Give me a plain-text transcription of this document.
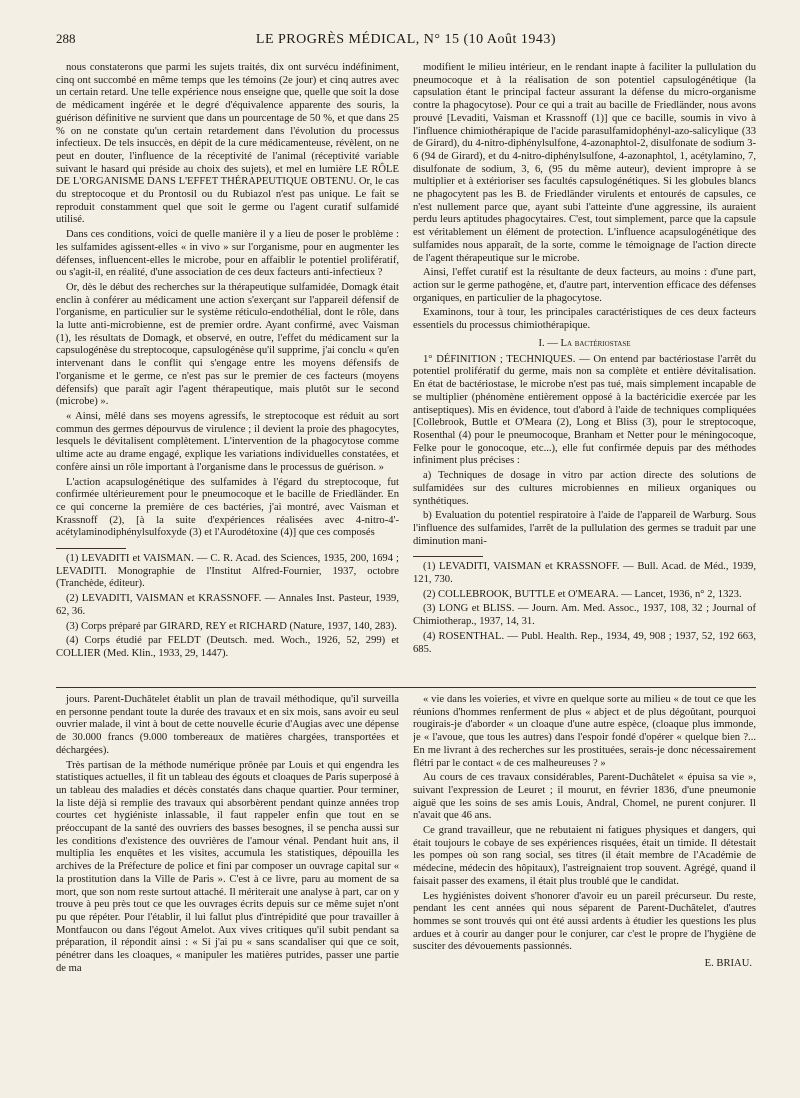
288	LE PROGRÈS MÉDICAL, N° 15 (10 Août 1943)

nous constaterons que parmi les sujets traités, dix ont survécu indéfiniment, cinq ont succombé en même temps que les témoins (2e jour) et cinq autres avec un certain retard. Une telle expérience nous enseigne que, quelle que soit la dose de médicament ingérée et le degré d'équivalence apparente des souris, la guérison définitive ne survient que dans un pourcentage de 50 %, et que dans 25 % on ne constate qu'un certain retardement dans l'évolution du processus infectieux. De tels insuccès, en dépit de la cure médicamenteuse, révèlent, on ne peut en douter, l'influence de la réceptivité de l'animal (réceptivité variable suivant le hasard qui préside au choix des sujets), et mel en lumière LE RÔLE DE L'ORGANISME DANS L'EFFET THÉRAPEUTIQUE OBTENU. Or, le cas du streptocoque et du Prontosil ou du Rubiazol n'est pas unique. Le fait se reproduit constamment quel que soit le germe ou l'agent curatif sulfamidé utilisé.

Dans ces conditions, voici de quelle manière il y a lieu de poser le problème : les sulfamides agissent-elles « in vivo » sur l'organisme, pour en augmenter les défenses, influencent-elles le microbe, pour en affaiblir le potentiel prolifératif, ou s'agit-il, en réalité, d'une association de ces deux facteurs anti-infectieux ?

Or, dès le début des recherches sur la thérapeutique sulfamidée, Domagk était enclin à conférer au médicament une action s'exerçant sur l'appareil défensif de l'organisme, en particulier sur le système réticulo-endothélial, dont le rôle, dans la lutte anti-microbienne, est de premier ordre. Ayant confirmé, avec Vaisman (1), les résultats de Domagk, et observé, en outre, l'effet du médicament sur la capsulogénèse du streptocoque, capsulogénèse qu'il supprime, j'ai conclu « qu'en intervenant dans le conflit qui s'engage entre les moyens défensifs de l'organisme et le germe, ce n'est pas sur le premier de ces facteurs (moyens défensifs) que paraît agir l'agent thérapeutique, mais plutôt sur le second (microbe) ».

« Ainsi, mêlé dans ses moyens agressifs, le streptocoque est réduit au sort commun des germes dépourvus de virulence ; il devient la proie des phagocytes, lesquels le dévitalisent complètement. L'intervention de la phagocytose comme ultime acte au drame engagé, explique les variations individuelles constatées, et confère ainsi un rôle important à l'organisme dans le processus de guérison. »

L'action acapsulogénétique des sulfamides à l'égard du streptocoque, fut confirmée ultérieurement pour le pneumocoque et le bacille de Friedländer. En ce qui concerne la première de ces bactéries, j'ai montré, avec Vaisman et Krassnoff (2), [à la suite d'expériences réalisées avec 4-nitro-4'-acétylaminodiphénylsulfoxyde (3) et l'Aurodétoxine (4)] que ces composés

(1) LEVADITI et VAISMAN. — C. R. Acad. des Sciences, 1935, 200, 1694 ; LEVADITI. Monographie de l'Institut Alfred-Fournier, 1937, octobre (Tranchède, éditeur).

(2) LEVADITI, VAISMAN et KRASSNOFF. — Annales Inst. Pasteur, 1939, 62, 36.

(3) Corps préparé par GIRARD, REY et RICHARD (Nature, 1937, 140, 283).

(4) Corps étudié par FELDT (Deutsch. med. Woch., 1926, 52, 299) et COLLIER (Med. Klin., 1933, 29, 1447).

modifient le milieu intérieur, en le rendant inapte à faciliter la pullulation du pneumocoque et à la réalisation de son potentiel capsulogénétique (la capsulation étant le principal facteur assurant la défense du micro-organisme contre la phagocytose). Pour ce qui a trait au bacille de Friedländer, nous avons prouvé [Levaditi, Vaisman et Krassnoff (1)] que ce bacille, soumis in vivo à l'influence chimiothérapique de l'acide parasulfamidophényl-azo-salicylique (33 de Girard), du 4-nitro-diphénylsulfone, 4-azonaphtol-2, disulfonate de sodium 3-6 (94 de Girard), et du 4-nitro-diphénylsulfone, 4-azonaphtol, 1, acétylamino, 7, disulfonate de sodium, 3, 6, (95 du même auteur), devient impropre à se multiplier et à extérioriser ses facultés capsulogénétiques. Si les globules blancs ne phagocytent pas les B. de Friedländer virulents et entourés de capsules, ce n'est nullement parce que, ayant subi l'atteinte d'une aggressine, ils auraient perdu leurs aptitudes phagocytaires. C'est, tout simplement, parce que la capsule est véritablement un élément de protection. L'influence acapsulogénétique des sulfamides nous apparaît, de la sorte, comme le témoignage de l'action directe de l'agent thérapeutique sur le microbe.

Ainsi, l'effet curatif est la résultante de deux facteurs, au moins : d'une part, action sur le germe pathogène, et, d'autre part, intervention efficace des défenses organiques, en particulier de la phagocytose.

Examinons, tour à tour, les principales caractéristiques de ces deux facteurs essentiels du processus chimiothérapique.

I. — La bactériostase

1° DÉFINITION ; TECHNIQUES. — On entend par bactériostase l'arrêt du potentiel prolifératif du germe, mais non sa complète et entière dévitalisation. En état de bactériostase, le microbe n'est pas tué, mais simplement incapable de se multiplier (phénomène entièrement opposé à la bactéricidie exercée par les antiseptiques). Mis en évidence, tout d'abord à l'aide de techniques compliquées [Collebrook, Buttle et O'Meara (2), Long et Bliss (3), pour le streptocoque, Rosenthal (4) pour le pneumocoque, Branham et Netter pour le méningocoque, Felke pour le gonocoque, etc...), elle fut confirmée depuis par des méthodes infiniment plus précises :

a) Techniques de dosage in vitro par action directe des solutions de sulfamidées sur des cultures microbiennes en milieux organiques ou synthétiques.

b) Evaluation du potentiel respiratoire à l'aide de l'appareil de Warburg. Sous l'influence des sulfamides, l'arrêt de la pullulation des germes se traduit par une diminution mani-

(1) LEVADITI, VAISMAN et KRASSNOFF. — Bull. Acad. de Méd., 1939, 121, 730.

(2) COLLEBROOK, BUTTLE et O'MEARA. — Lancet, 1936, n° 2, 1323.

(3) LONG et BLISS. — Journ. Am. Med. Assoc., 1937, 108, 32 ; Journal of Chimiotherap., 1937, 14, 31.

(4) ROSENTHAL. — Publ. Health. Rep., 1934, 49, 908 ; 1937, 52, 192 663, 685.

jours. Parent-Duchâtelet établit un plan de travail méthodique, qu'il surveilla en personne pendant toute la durée des travaux et en six mois, sans avoir eu seul ouvrier malade, il vint à bout de cette nouvelle écurie d'Augias avec une dépense de 30.000 francs (9.000 tombereaux de matières chargées, transportées et déchargées).

Très partisan de la méthode numérique prônée par Louis et qui engendra les statistiques actuelles, il fit un tableau des égouts et cloaques de Paris superposé à un tableau des maladies et décès constatés dans chaque quartier. Pour terminer, la liste déjà si remplie des travaux qui absorbèrent pendant quinze années trop courtes cet hygiéniste inlassable, il faut rappeler enfin que tout en se préoccupant de la santé des ouvriers des basses besognes, il se pencha aussi sur les conditions d'existence des ouvrières de l'amour vénal. Pendant huit ans, il multiplia les enquêtes et les visites, accumula les statistiques, dépouilla les archives de la Préfecture de police et fini par composer un ouvrage capital sur « la prostitution dans la Ville de Paris ». C'est à ce livre, paru au moment de sa mort, que son nom reste surtout attaché. Il mériterait une analyse à part, car on y trouve à peu près tout ce que les ouvrages écrits depuis sur ce même sujet n'ont pu que répéter. Pour l'établir, il lui fallut plus d'intrépidité que pour travailler à Montfaucon ou dans l'égout Amelot. Aux vives critiques qu'il subit pendant sa préparation, il répondit ainsi : « Si j'ai pu « sans scandaliser qui que ce soit, pénétrer dans les cloaques, « manipuler les matières putrides, passer une partie de ma

« vie dans les voieries, et vivre en quelque sorte au milieu « de tout ce que les réunions d'hommes renferment de plus « abject et de plus dégoûtant, pourquoi rougirais-je d'aborder « un cloaque d'une autre espèce, (cloaque plus immonde, je « l'avoue, que tous les autres) dans l'espoir fondé d'opérer « quelque bien ?... En me livrant à des recherches sur les prostituées, serais-je donc nécessairement flétri par le contact « de ces malheureuses ? »

Au cours de ces travaux considérables, Parent-Duchâtelet « épuisa sa vie », suivant l'expression de Leuret ; il mourut, en février 1836, d'une pneumonie aiguë que les soins de ses amis Louis, Andral, Chomel, ne purent conjurer. Il n'avait que 46 ans.

Ce grand travailleur, que ne rebutaient ni fatigues physiques et dangers, qui était toujours le cobaye de ses expériences risquées, était un timide. Il détestait les pompes où son rang social, ses titres (il était membre de l'Académie de médecine, médecin des hôpitaux), l'astreignaient trop souvent. Agrégé, quand il faisait passer des examens, il était plus troublé que le candidat.

Les hygiénistes doivent s'honorer d'avoir eu un pareil précurseur. Du reste, pendant les cent années qui nous séparent de Parent-Duchâtelet, d'autres hommes se sont trouvés qui ont été aussi ardents à étudier les questions les plus ardues et à courir au danger pour le conjurer, car c'est le propre de l'hygiène de susciter des dévouements passionnés.

E. BRIAU.
